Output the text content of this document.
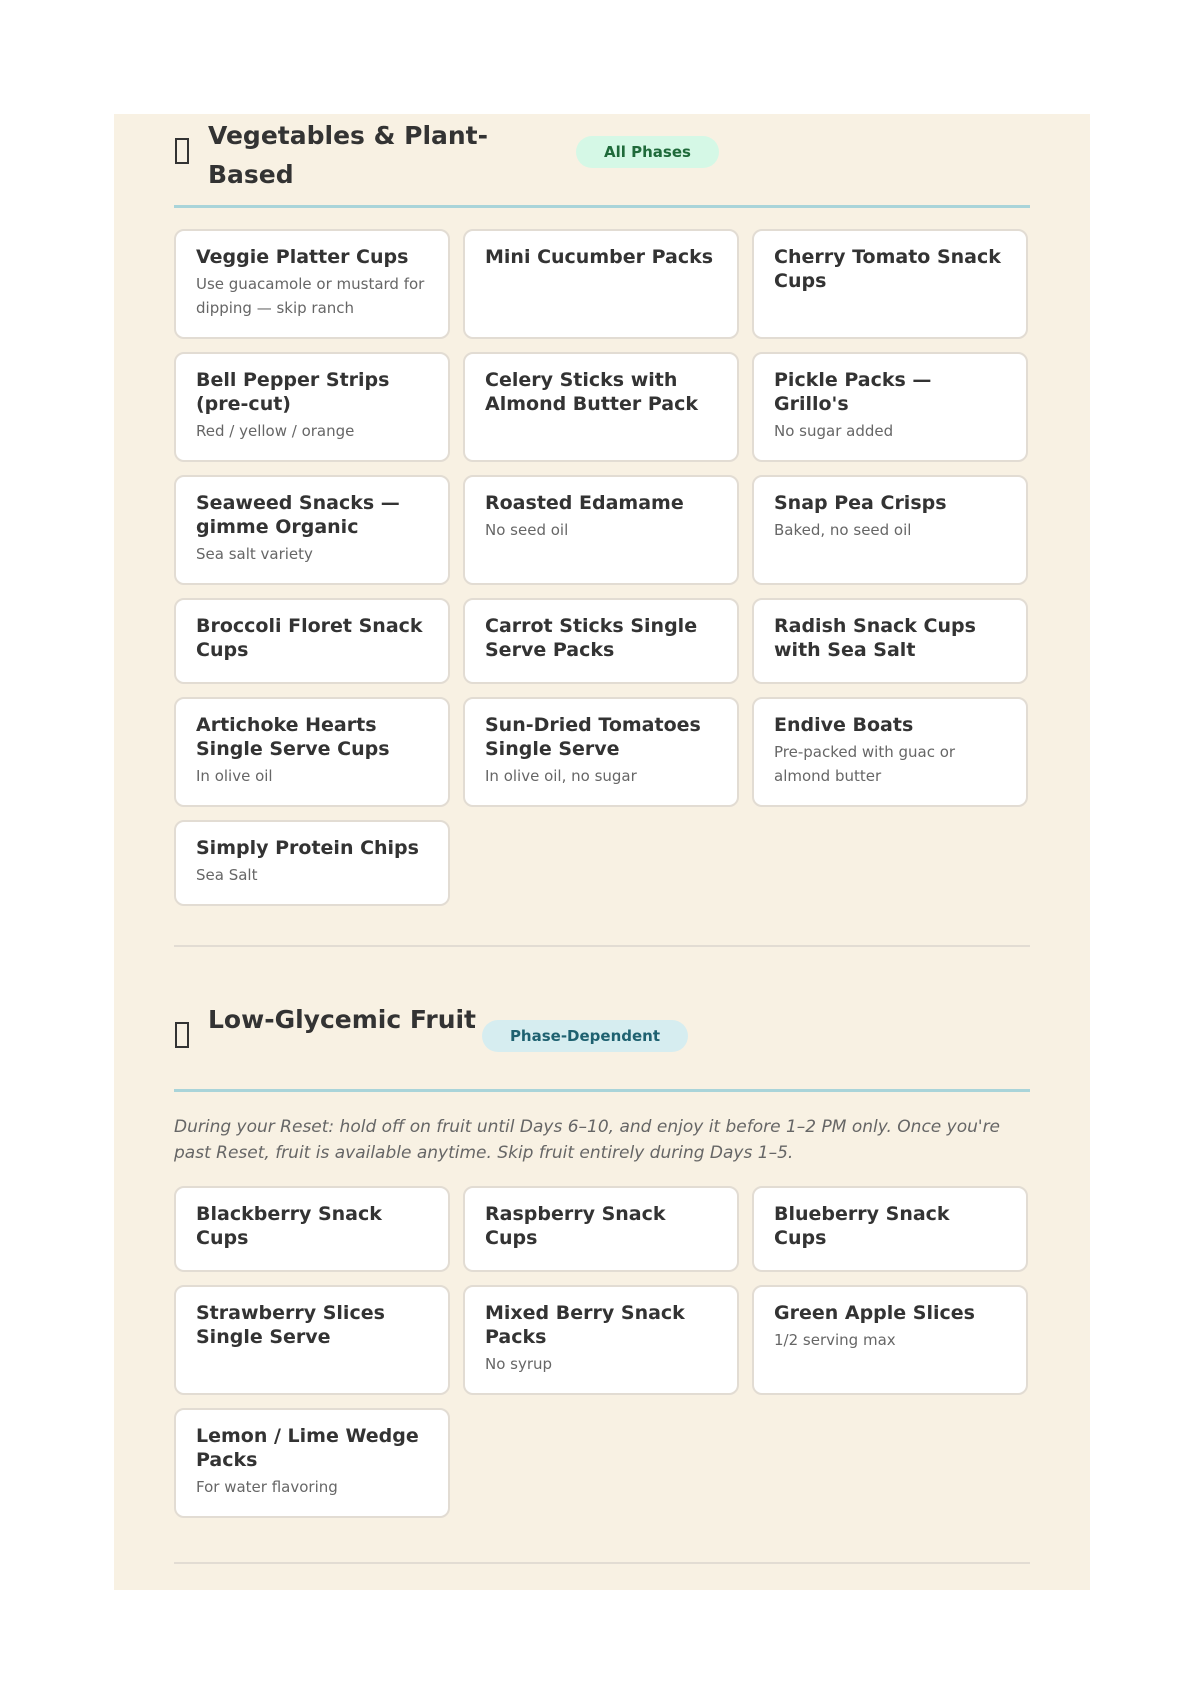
Vegetables & Plant-Based
All Phases
Veggie Platter Cups
Use guacamole or mustard for dipping — skip ranch
Mini Cucumber Packs	Cherry Tomato Snack Cups
Bell Pepper Strips (pre-cut)
Red / yellow / orange
Celery Sticks with Almond Butter Pack
Pickle Packs — Grillo's
No sugar added
Seaweed Snacks — gimme Organic
Sea salt variety
Roasted Edamame
No seed oil
Snap Pea Crisps
Baked, no seed oil
Broccoli Floret Snack Cups
Carrot Sticks Single Serve Packs
Radish Snack Cups with Sea Salt
Artichoke Hearts Single Serve Cups
In olive oil
Sun-Dried Tomatoes Single Serve
In olive oil, no sugar
Endive Boats
Pre-packed with guac or almond butter
Simply Protein Chips
Sea Salt
Low-Glycemic Fruit
Phase-Dependent
During your Reset: hold off on fruit until Days 6–10, and enjoy it before 1–2 PM only. Once you're past Reset, fruit is available anytime. Skip fruit entirely during Days 1–5.
Blackberry Snack Cups
Raspberry Snack Cups
Blueberry Snack Cups
Strawberry Slices Single Serve
Mixed Berry Snack Packs
No syrup
Green Apple Slices
1/2 serving max
Lemon / Lime Wedge Packs
For water flavoring
